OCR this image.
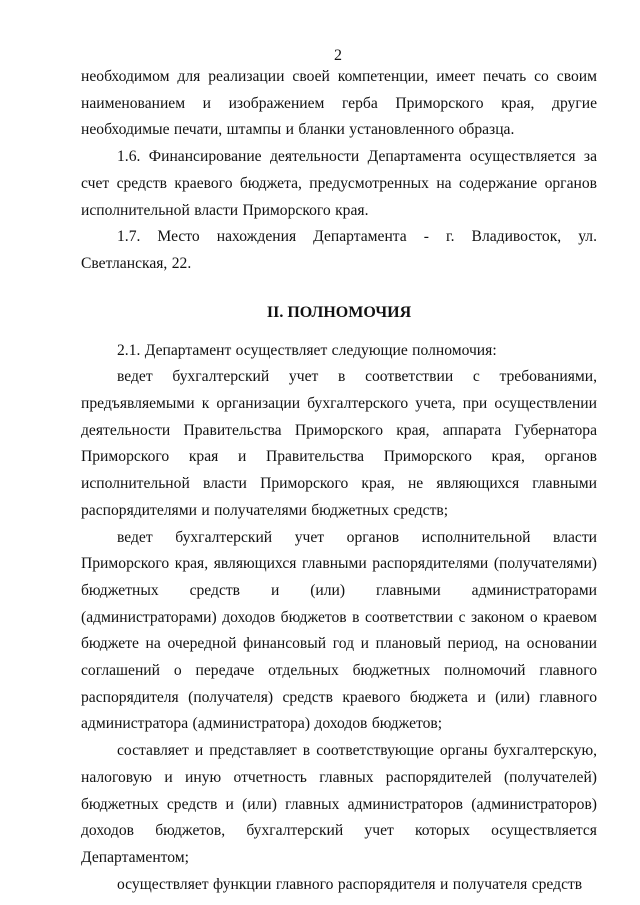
2

необходимом для реализации своей компетенции, имеет печать со своим наименованием и изображением герба Приморского края, другие необходимые печати, штампы и бланки установленного образца.

1.6. Финансирование деятельности Департамента осуществляется за счет средств краевого бюджета, предусмотренных на содержание органов исполнительной власти Приморского края.

1.7. Место нахождения Департамента - г. Владивосток, ул. Светланская, 22.

II. ПОЛНОМОЧИЯ

2.1. Департамент осуществляет следующие полномочия:

ведет бухгалтерский учет в соответствии с требованиями, предъявляемыми к организации бухгалтерского учета, при осуществлении деятельности Правительства Приморского края, аппарата Губернатора Приморского края и Правительства Приморского края, органов исполнительной власти Приморского края, не являющихся главными распорядителями и получателями бюджетных средств;

ведет бухгалтерский учет органов исполнительной власти Приморского края, являющихся главными распорядителями (получателями) бюджетных средств и (или) главными администраторами (администраторами) доходов бюджетов в соответствии с законом о краевом бюджете на очередной финансовый год и плановый период, на основании соглашений о передаче отдельных бюджетных полномочий главного распорядителя (получателя) средств краевого бюджета и (или) главного администратора (администратора) доходов бюджетов;

составляет и представляет в соответствующие органы бухгалтерскую, налоговую и иную отчетность главных распорядителей (получателей) бюджетных средств и (или) главных администраторов (администраторов) доходов бюджетов, бухгалтерский учет которых осуществляется Департаментом;

осуществляет функции главного распорядителя и получателя средств
